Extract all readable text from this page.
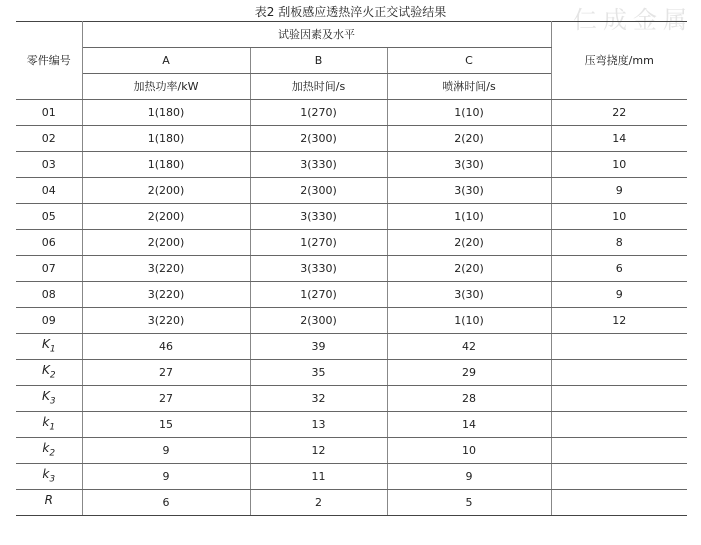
表2 刮板感应透热淬火正交试验结果	仁成金属
零件编号	试验因素及水平			压弯挠度/mm
	A	B	C	
	加热功率/kW	加热时间/s	喷淋时间/s	
01	1(180)	1(270)	1(10)	22
02	1(180)	2(300)	2(20)	14
03	1(180)	3(330)	3(30)	10
04	2(200)	2(300)	3(30)	9
05	2(200)	3(330)	1(10)	10
06	2(200)	1(270)	2(20)	8
07	3(220)	3(330)	2(20)	6
08	3(220)	1(270)	3(30)	9
09	3(220)	2(300)	1(10)	12
$K_1$	46	39	42	
$K_2$	27	35	29	
$K_3$	27	32	28	
$k_1$	15	13	14	
$k_2$	9	12	10	
$k_3$	9	11	9	
R	6	2	5	
